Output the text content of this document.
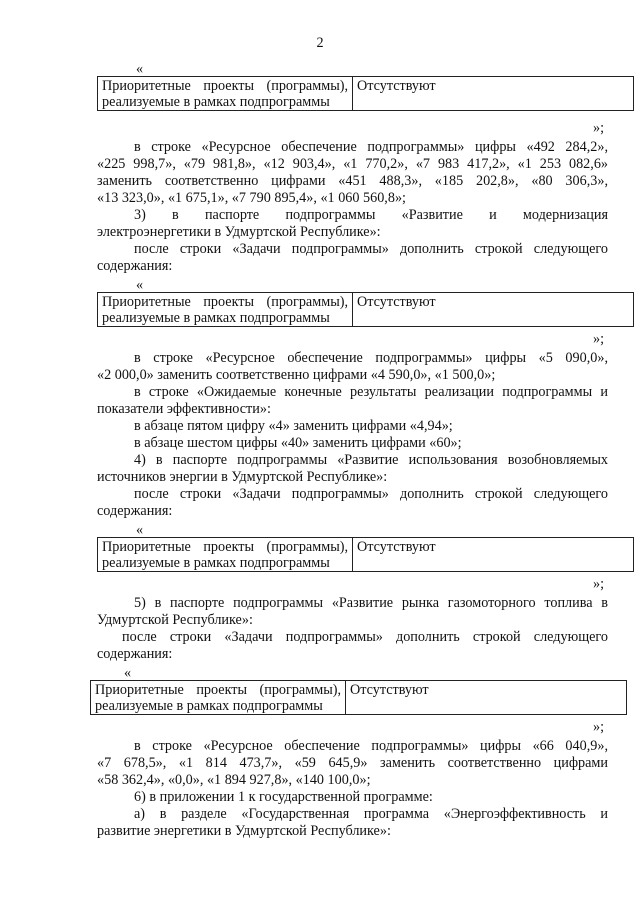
2
«
Приоритетные проекты (программы),
реализуемые в рамках подпрограммы
	Отсутствуют
»;
в строке «Ресурсное обеспечение подпрограммы» цифры «492 284,2»,
«225 998,7», «79 981,8», «12 903,4», «1 770,2», «7 983 417,2», «1 253 082,6»
заменить соответственно цифрами «451 488,3», «185 202,8», «80 306,3»,
«13 323,0», «1 675,1», «7 790 895,4», «1 060 560,8»;
3) в паспорте подпрограммы «Развитие и модернизация
электроэнергетики в Удмуртской Республике»:
после строки «Задачи подпрограммы» дополнить строкой следующего
содержания:
«
Приоритетные проекты (программы),
реализуемые в рамках подпрограммы
	Отсутствуют
»;
в строке «Ресурсное обеспечение подпрограммы» цифры «5 090,0»,
«2 000,0» заменить соответственно цифрами «4 590,0», «1 500,0»;
в строке «Ожидаемые конечные результаты реализации подпрограммы и
показатели эффективности»:
в абзаце пятом цифру «4» заменить цифрами «4,94»;
в абзаце шестом цифры «40» заменить цифрами «60»;
4) в паспорте подпрограммы «Развитие использования возобновляемых
источников энергии в Удмуртской Республике»:
после строки «Задачи подпрограммы» дополнить строкой следующего
содержания:
«
Приоритетные проекты (программы),
реализуемые в рамках подпрограммы
	Отсутствуют
»;
5) в паспорте подпрограммы «Развитие рынка газомоторного топлива в
Удмуртской Республике»:
после строки «Задачи подпрограммы» дополнить строкой следующего
содержания:
«
Приоритетные проекты (программы),
реализуемые в рамках подпрограммы
	Отсутствуют
»;
в строке «Ресурсное обеспечение подпрограммы» цифры «66 040,9»,
«7 678,5», «1 814 473,7», «59 645,9» заменить соответственно цифрами
«58 362,4», «0,0», «1 894 927,8», «140 100,0»;
6) в приложении 1 к государственной программе:
а) в разделе «Государственная программа «Энергоэффективность и
развитие энергетики в Удмуртской Республике»:
